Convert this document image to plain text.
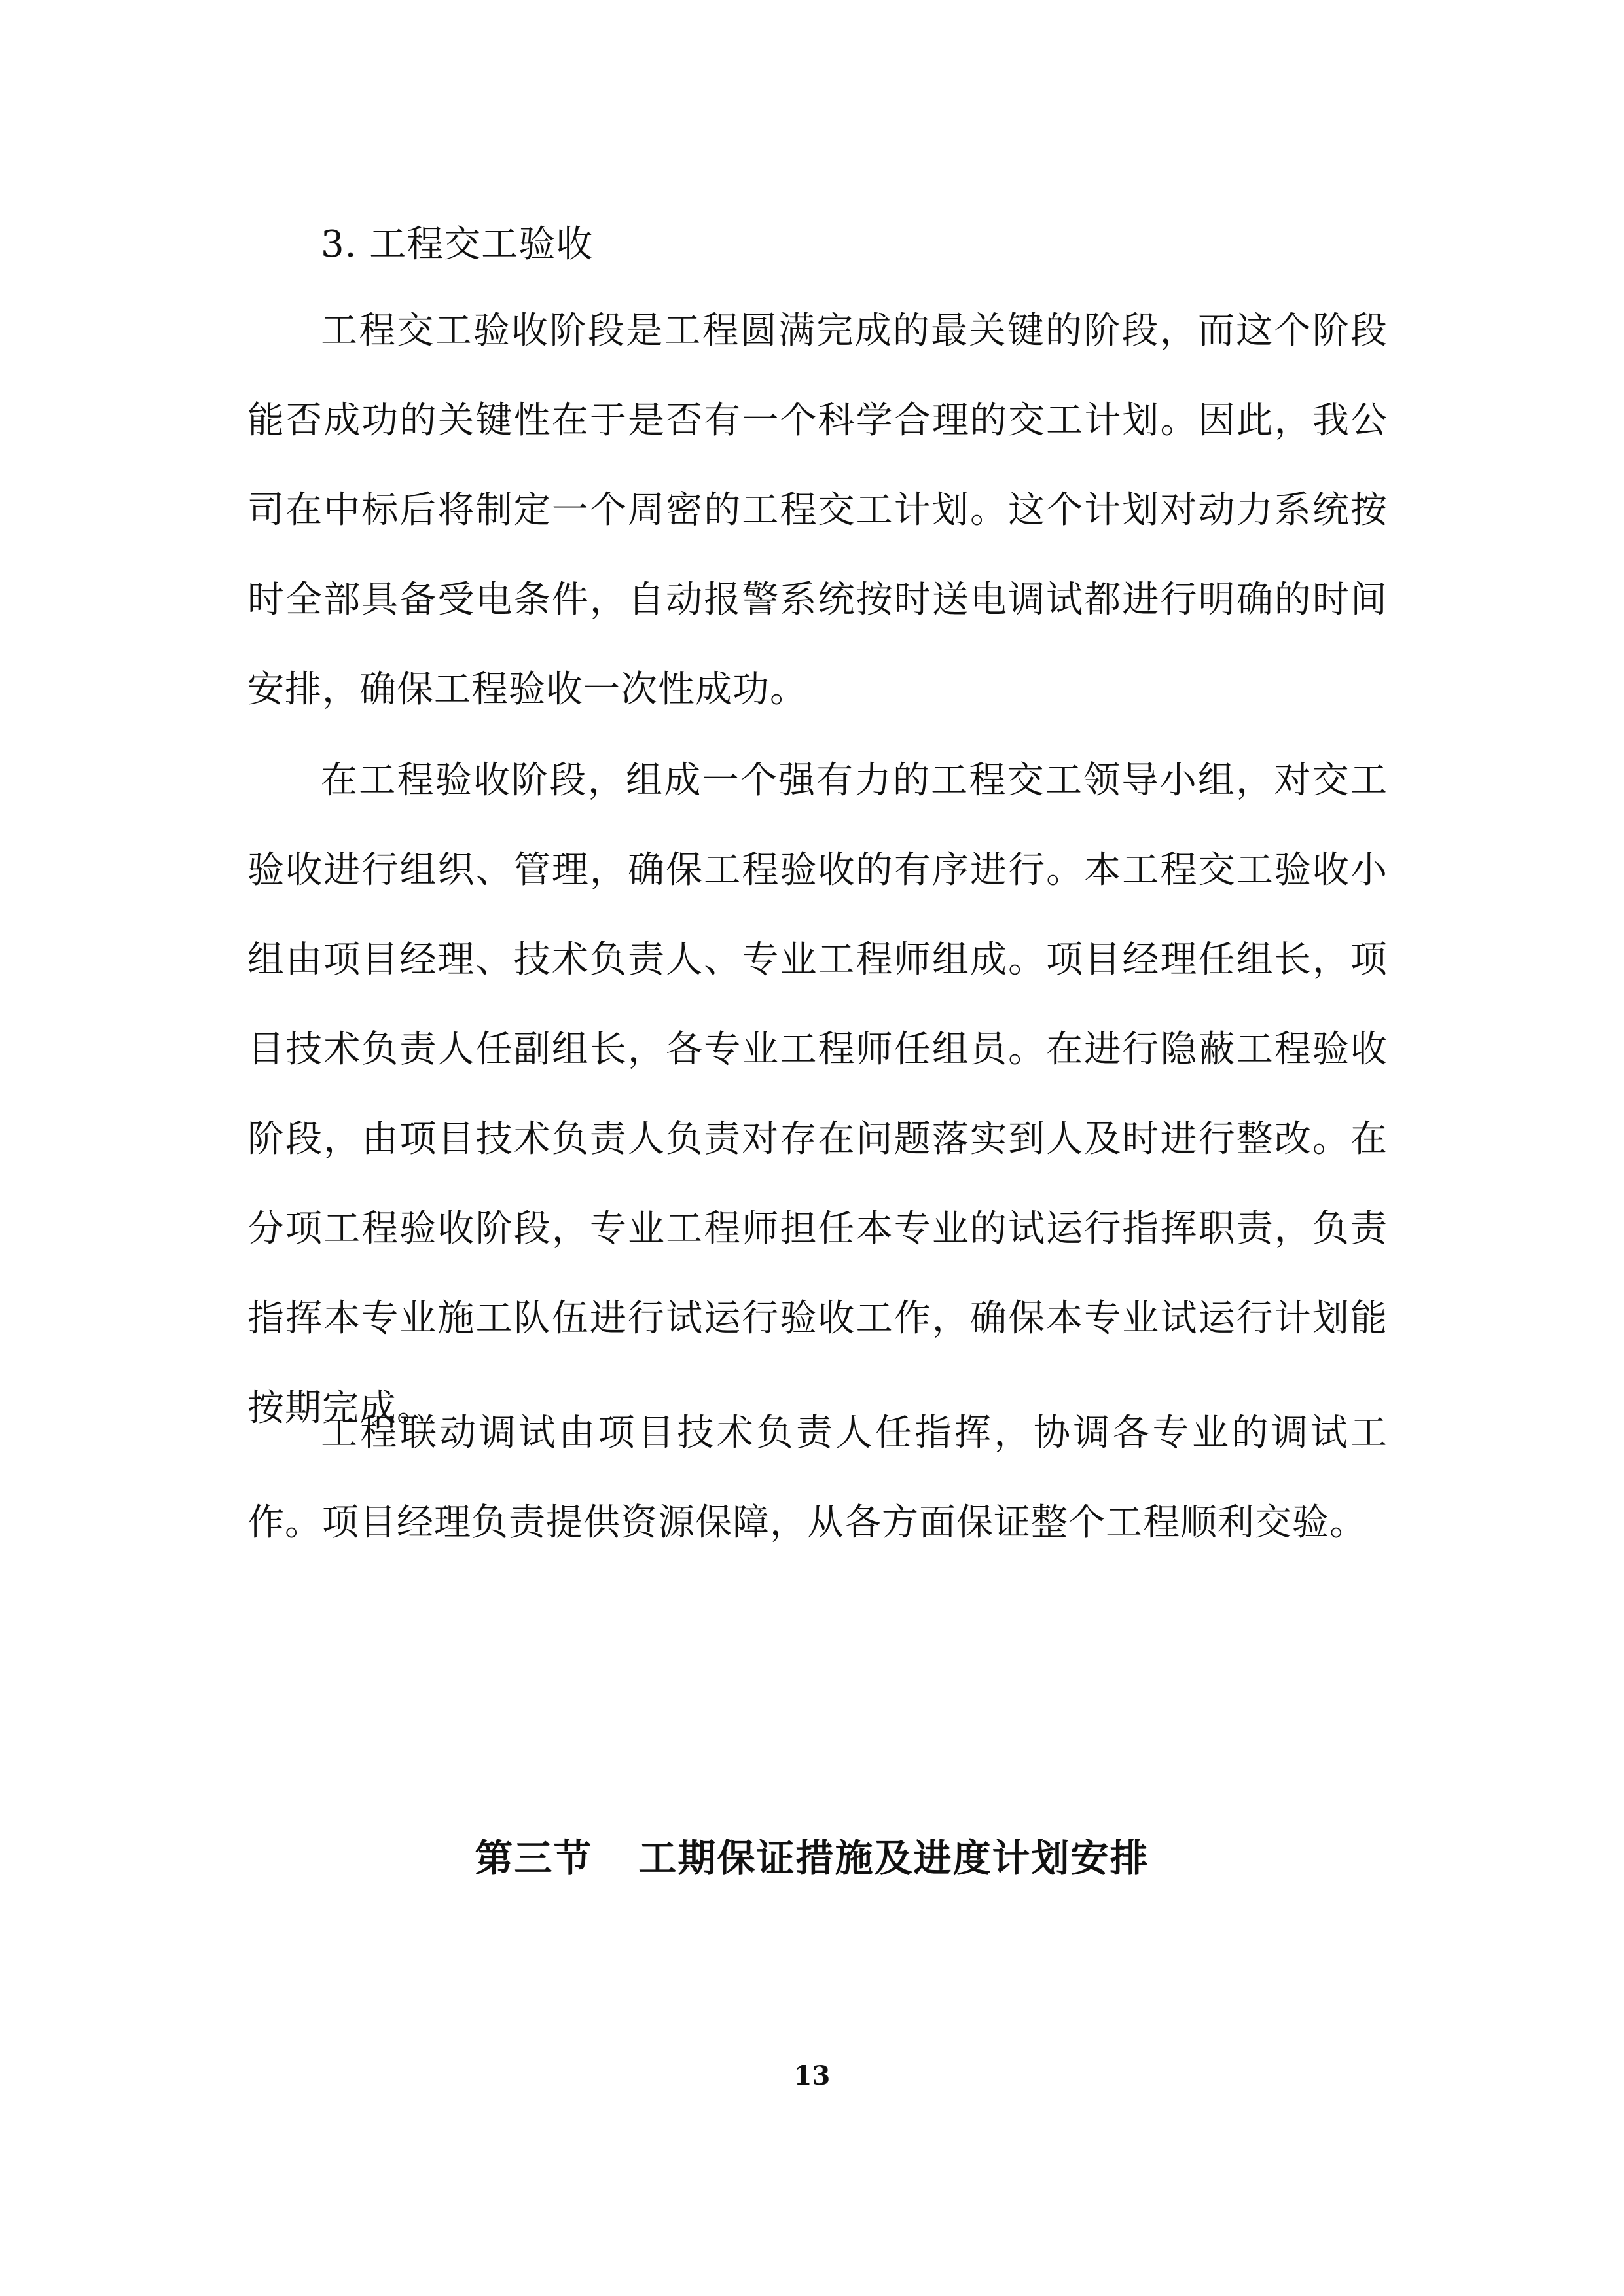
3. 工程交工验收

工程交工验收阶段是工程圆满完成的最关键的阶段，而这个阶段能否成功的关键性在于是否有一个科学合理的交工计划。因此，我公司在中标后将制定一个周密的工程交工计划。这个计划对动力系统按时全部具备受电条件，自动报警系统按时送电调试都进行明确的时间安排，确保工程验收一次性成功。

在工程验收阶段，组成一个强有力的工程交工领导小组，对交工验收进行组织、管理，确保工程验收的有序进行。本工程交工验收小组由项目经理、技术负责人、专业工程师组成。项目经理任组长，项目技术负责人任副组长，各专业工程师任组员。在进行隐蔽工程验收阶段，由项目技术负责人负责对存在问题落实到人及时进行整改。在分项工程验收阶段，专业工程师担任本专业的试运行指挥职责，负责指挥本专业施工队伍进行试运行验收工作，确保本专业试运行计划能按期完成。

工程联动调试由项目技术负责人任指挥，协调各专业的调试工作。项目经理负责提供资源保障，从各方面保证整个工程顺利交验。

第三节 工期保证措施及进度计划安排

13
